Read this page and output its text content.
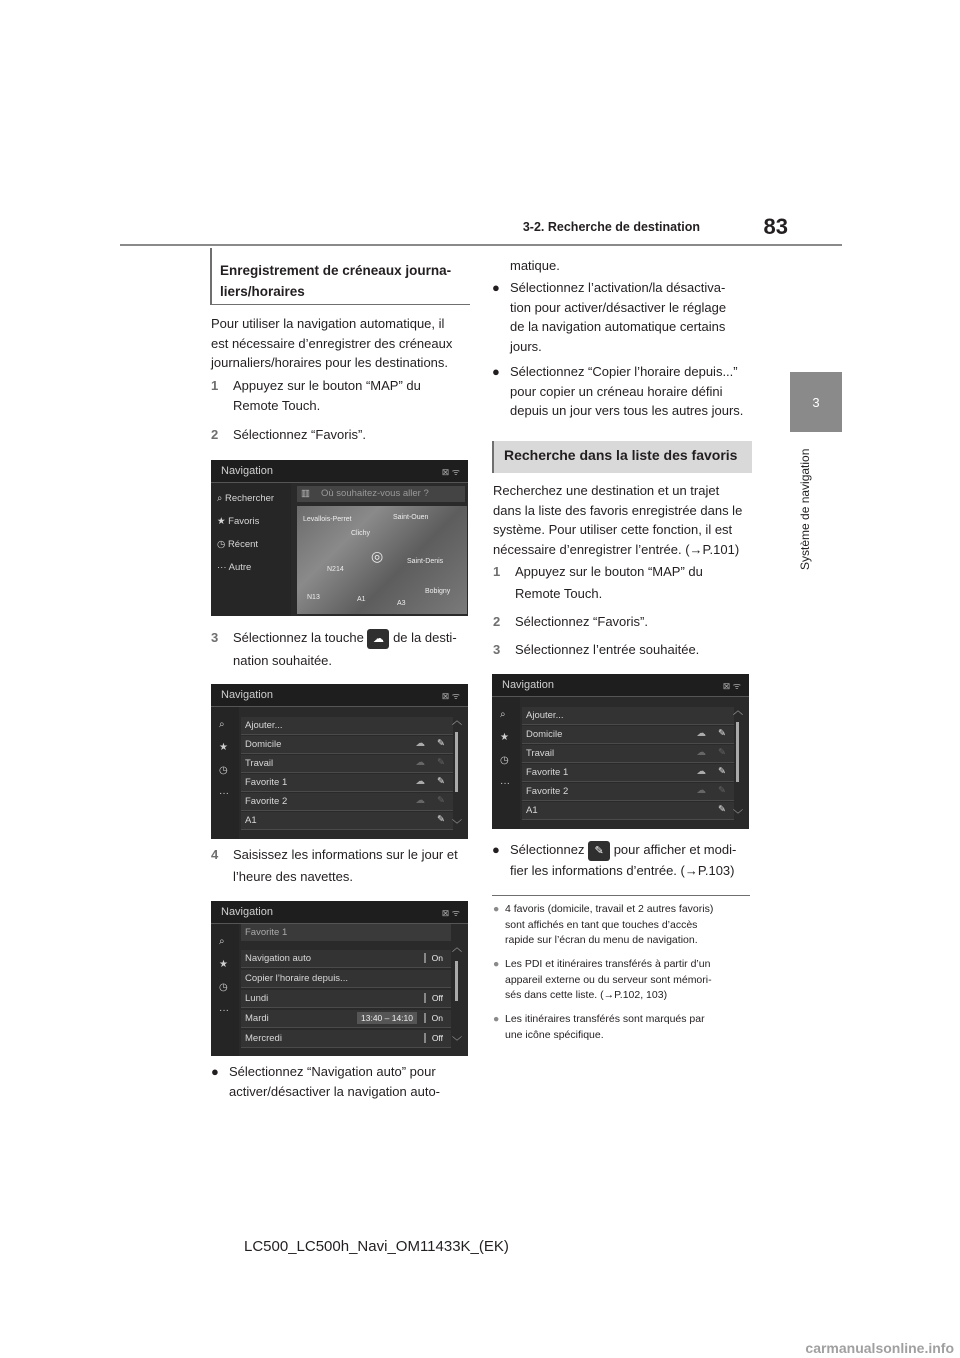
3-2. Recherche de destination	83
3
Système de navigation
Enregistrement de créneaux journa-
liers/horaires
Pour utiliser la navigation automatique, il
est nécessaire d’enregistrer des créneaux
journaliers/horaires pour les destinations.
1	Appuyez sur le bouton “MAP” du
Remote Touch.
2	Sélectionnez “Favoris”.
Navigation	⊠ ᯤ
⌕ Rechercher
★ Favoris
◷ Récent
··· Autre
▥ Où souhaitez-vous aller ?
Levallois-Perret
Clichy
Saint-Ouen
Saint-Denis
Bobigny
N214
A1
N13
A3
◎
3	Sélectionnez la touche ☁ de la desti-
nation souhaitée.
Navigation	⊠ ᯤ
⌕
★
◷
···
Ajouter...
Domicile	☁ ✎
Travail	☁ ✎
Favorite 1	☁ ✎
Favorite 2	☁ ✎
A1	✎
︿
﹀
4	Saisissez les informations sur le jour et
l’heure des navettes.
Navigation	⊠ ᯤ
⌕
★
◷
···
Favorite 1
Navigation auto	On
Copier l’horaire depuis...
Lundi	Off
Mardi	13:40 – 14:10	On
Mercredi	Off
︿
﹀
● Sélectionnez “Navigation auto” pour
activer/désactiver la navigation auto-
matique.
● Sélectionnez l’activation/la désactiva-
tion pour activer/désactiver le réglage
de la navigation automatique certains
jours.
● Sélectionnez “Copier l’horaire depuis...”
pour copier un créneau horaire défini
depuis un jour vers tous les autres jours.
Recherche dans la liste des favoris
Recherchez une destination et un trajet
dans la liste des favoris enregistrée dans le
système. Pour utiliser cette fonction, il est
nécessaire d’enregistrer l’entrée. (→P.101)
1	Appuyez sur le bouton “MAP” du
Remote Touch.
2	Sélectionnez “Favoris”.
3	Sélectionnez l’entrée souhaitée.
Navigation	⊠ ᯤ
⌕
★
◷
···
Ajouter...
Domicile	☁ ✎
Travail	☁ ✎
Favorite 1	☁ ✎
Favorite 2	☁ ✎
A1	✎
︿
﹀
● Sélectionnez ✎ pour afficher et modi-
fier les informations d’entrée. (→P.103)
● 4 favoris (domicile, travail et 2 autres favoris)
sont affichés en tant que touches d’accès
rapide sur l’écran du menu de navigation.
● Les PDI et itinéraires transférés à partir d’un
appareil externe ou du serveur sont mémori-
sés dans cette liste. (→P.102, 103)
● Les itinéraires transférés sont marqués par
une icône spécifique.
LC500_LC500h_Navi_OM11433K_(EK)
carmanualsonline.info
